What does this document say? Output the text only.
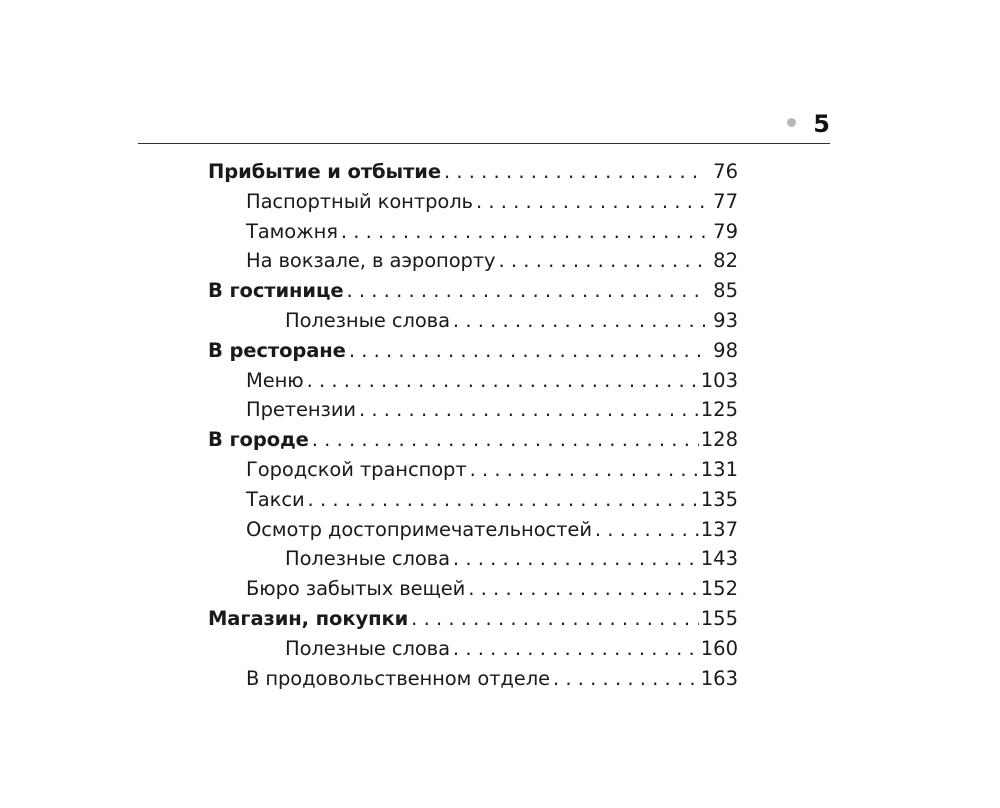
5
Прибытие и отбытие . . .	76
Паспортный контроль . . .	77
Таможня . . .	79
На вокзале, в аэропорту . . .	82
В гостинице . . .	85
Полезные слова . . .	93
В ресторане . . .	98
Меню . . .	103
Претензии . . .	125
В городе . . .	128
Городской транспорт . . .	131
Такси . . .	135
Осмотр достопримечательностей . . .	137
Полезные слова . . .	143
Бюро забытых вещей . . .	152
Магазин, покупки . . .	155
Полезные слова . . .	160
В продовольственном отделе . . .	163
